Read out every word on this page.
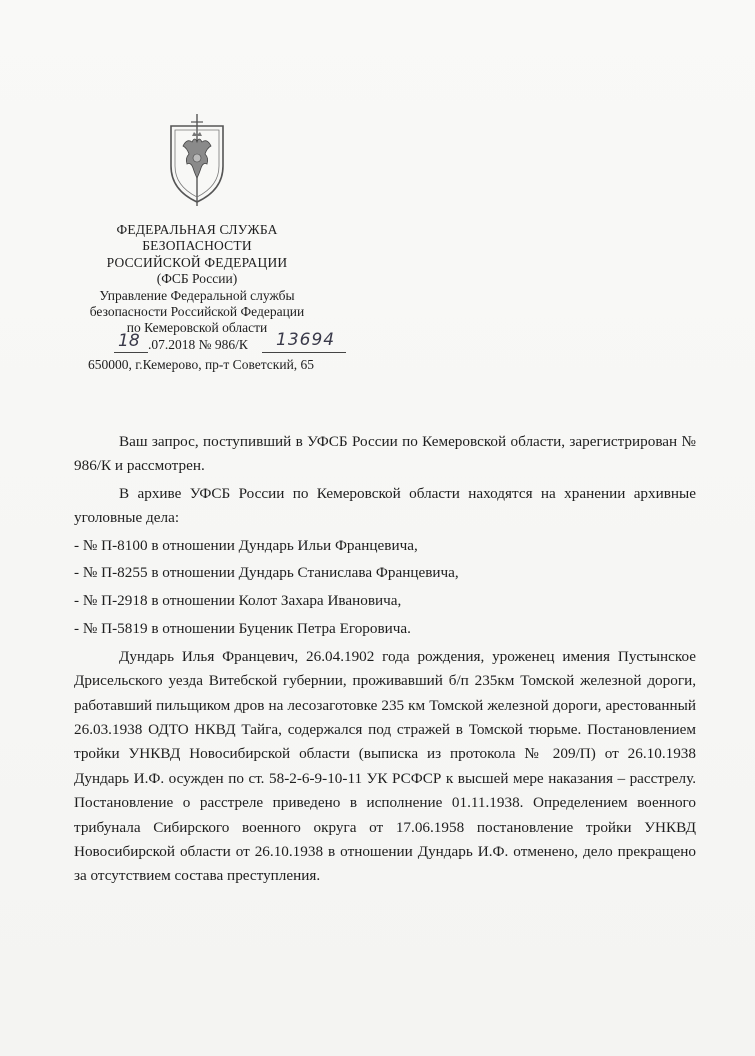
ФЕДЕРАЛЬНАЯ СЛУЖБА
БЕЗОПАСНОСТИ
РОССИЙСКОЙ ФЕДЕРАЦИИ
(ФСБ России)
Управление Федеральной службы
безопасности Российской Федерации
по Кемеровской области
18 .07.2018 № 986/К 13694
650000, г.Кемерово, пр-т Советский, 65

Ваш запрос, поступивший в УФСБ России по Кемеровской области, зарегистрирован № 986/К и рассмотрен.

В архиве УФСБ России по Кемеровской области находятся на хранении архивные уголовные дела:

- № П-8100 в отношении Дундарь Ильи Францевича,

- № П-8255 в отношении Дундарь Станислава Францевича,

- № П-2918 в отношении Колот Захара Ивановича,

- № П-5819 в отношении Буценик Петра Егоровича.

Дундарь Илья Францевич, 26.04.1902 года рождения, уроженец имения Пустынское Дрисельского уезда Витебской губернии, проживавший б/п 235км Томской железной дороги, работавший пильщиком дров на лесозаготовке 235 км Томской железной дороги, арестованный 26.03.1938 ОДТО НКВД Тайга, содержался под стражей в Томской тюрьме. Постановлением тройки УНКВД Новосибирской области (выписка из протокола № 209/П) от 26.10.1938 Дундарь И.Ф. осужден по ст. 58-2-6-9-10-11 УК РСФСР к высшей мере наказания – расстрелу. Постановление о расстреле приведено в исполнение 01.11.1938. Определением военного трибунала Сибирского военного округа от 17.06.1958 постановление тройки УНКВД Новосибирской области от 26.10.1938 в отношении Дундарь И.Ф. отменено, дело прекращено за отсутствием состава преступления.
